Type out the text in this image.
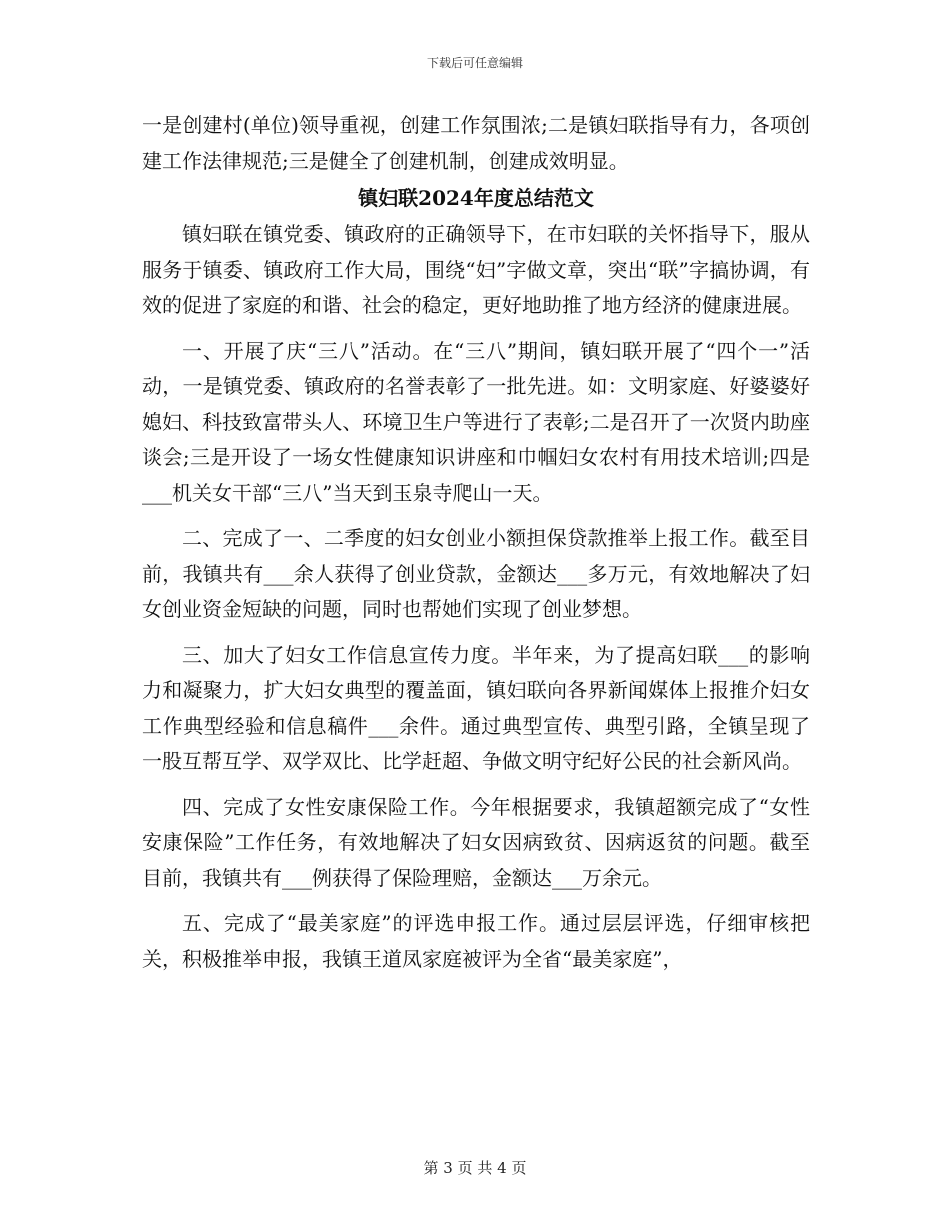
下载后可任意编辑

一是创建村(单位)领导重视，创建工作氛围浓;二是镇妇联指导有力，各项创建工作法律规范;三是健全了创建机制，创建成效明显。

镇妇联2024年度总结范文

镇妇联在镇党委、镇政府的正确领导下，在市妇联的关怀指导下，服从服务于镇委、镇政府工作大局，围绕“妇”字做文章，突出“联”字搞协调，有效的促进了家庭的和谐、社会的稳定，更好地助推了地方经济的健康进展。

一、开展了庆“三八”活动。在“三八”期间，镇妇联开展了“四个一”活动，一是镇党委、镇政府的名誉表彰了一批先进。如：文明家庭、好婆婆好媳妇、科技致富带头人、环境卫生户等进行了表彰;二是召开了一次贤内助座谈会;三是开设了一场女性健康知识讲座和巾帼妇女农村有用技术培训;四是___机关女干部“三八”当天到玉泉寺爬山一天。

二、完成了一、二季度的妇女创业小额担保贷款推举上报工作。截至目前，我镇共有___余人获得了创业贷款，金额达___多万元，有效地解决了妇女创业资金短缺的问题，同时也帮她们实现了创业梦想。

三、加大了妇女工作信息宣传力度。半年来，为了提高妇联___的影响力和凝聚力，扩大妇女典型的覆盖面，镇妇联向各界新闻媒体上报推介妇女工作典型经验和信息稿件___余件。通过典型宣传、典型引路，全镇呈现了一股互帮互学、双学双比、比学赶超、争做文明守纪好公民的社会新风尚。

四、完成了女性安康保险工作。今年根据要求，我镇超额完成了“女性安康保险”工作任务，有效地解决了妇女因病致贫、因病返贫的问题。截至目前，我镇共有___例获得了保险理赔，金额达___万余元。

五、完成了“最美家庭”的评选申报工作。通过层层评选，仔细审核把关，积极推举申报，我镇王道凤家庭被评为全省“最美家庭”，

第 3 页 共 4 页
